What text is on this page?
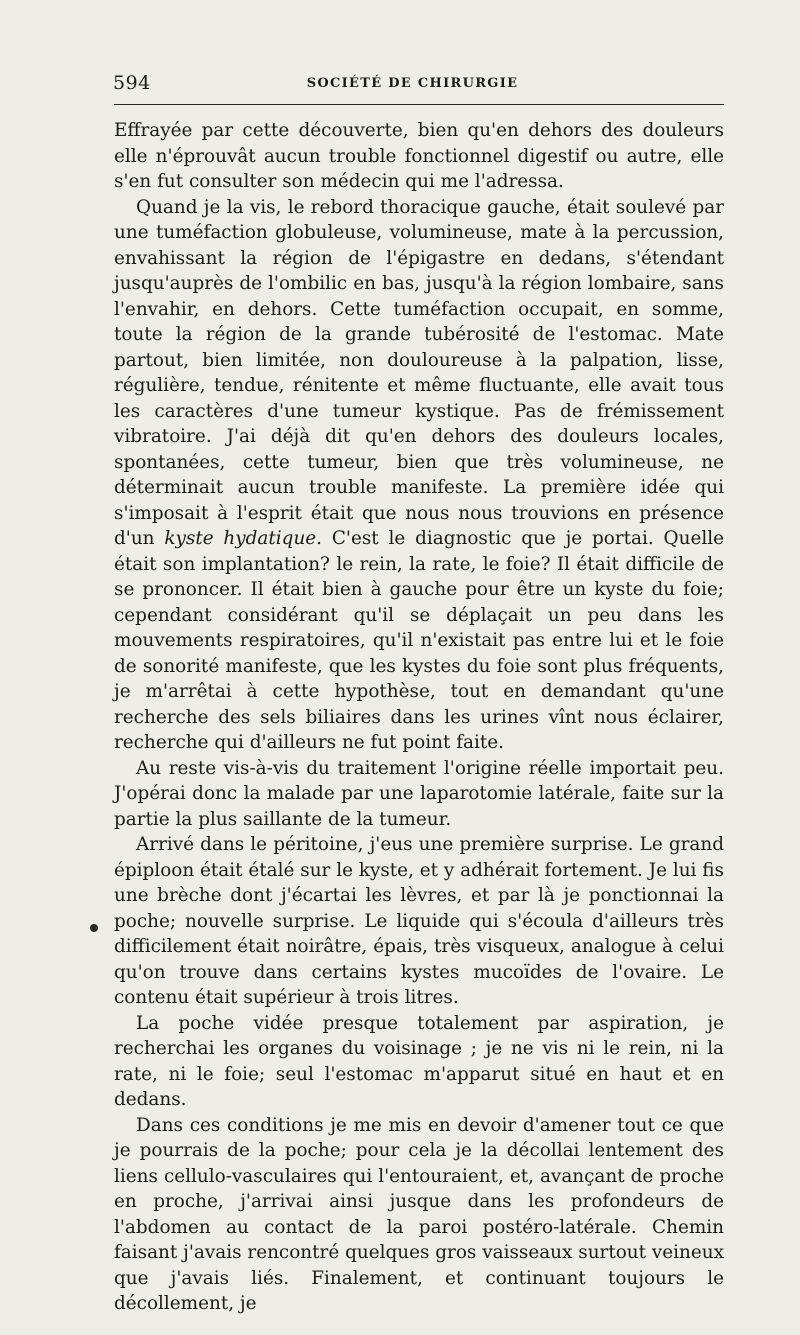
594	SOCIÉTÉ DE CHIRURGIE

Effrayée par cette découverte, bien qu'en dehors des douleurs elle n'éprouvât aucun trouble fonctionnel digestif ou autre, elle s'en fut consulter son médecin qui me l'adressa.

Quand je la vis, le rebord thoracique gauche, était soulevé par une tuméfaction globuleuse, volumineuse, mate à la percussion, envahissant la région de l'épigastre en dedans, s'étendant jusqu'auprès de l'ombilic en bas, jusqu'à la région lombaire, sans l'envahir, en dehors. Cette tuméfaction occupait, en somme, toute la région de la grande tubérosité de l'estomac. Mate partout, bien limitée, non douloureuse à la palpation, lisse, régulière, tendue, rénitente et même fluctuante, elle avait tous les caractères d'une tumeur kystique. Pas de frémissement vibratoire. J'ai déjà dit qu'en dehors des douleurs locales, spontanées, cette tumeur, bien que très volumineuse, ne déterminait aucun trouble manifeste. La première idée qui s'imposait à l'esprit était que nous nous trouvions en présence d'un kyste hydatique. C'est le diagnostic que je portai. Quelle était son implantation? le rein, la rate, le foie? Il était difficile de se prononcer. Il était bien à gauche pour être un kyste du foie; cependant considérant qu'il se déplaçait un peu dans les mouvements respiratoires, qu'il n'existait pas entre lui et le foie de sonorité manifeste, que les kystes du foie sont plus fréquents, je m'arrêtai à cette hypothèse, tout en demandant qu'une recherche des sels biliaires dans les urines vînt nous éclairer, recherche qui d'ailleurs ne fut point faite.

Au reste vis-à-vis du traitement l'origine réelle importait peu. J'opérai donc la malade par une laparotomie latérale, faite sur la partie la plus saillante de la tumeur.

Arrivé dans le péritoine, j'eus une première surprise. Le grand épiploon était étalé sur le kyste, et y adhérait fortement. Je lui fis une brèche dont j'écartai les lèvres, et par là je ponctionnai la poche; nouvelle surprise. Le liquide qui s'écoula d'ailleurs très difficilement était noirâtre, épais, très visqueux, analogue à celui qu'on trouve dans certains kystes mucoïdes de l'ovaire. Le contenu était supérieur à trois litres.

La poche vidée presque totalement par aspiration, je recherchai les organes du voisinage ; je ne vis ni le rein, ni la rate, ni le foie; seul l'estomac m'apparut situé en haut et en dedans.

Dans ces conditions je me mis en devoir d'amener tout ce que je pourrais de la poche; pour cela je la décollai lentement des liens cellulo-vasculaires qui l'entouraient, et, avançant de proche en proche, j'arrivai ainsi jusque dans les profondeurs de l'abdomen au contact de la paroi postéro-latérale. Chemin faisant j'avais rencontré quelques gros vaisseaux surtout veineux que j'avais liés. Finalement, et continuant toujours le décollement, je
